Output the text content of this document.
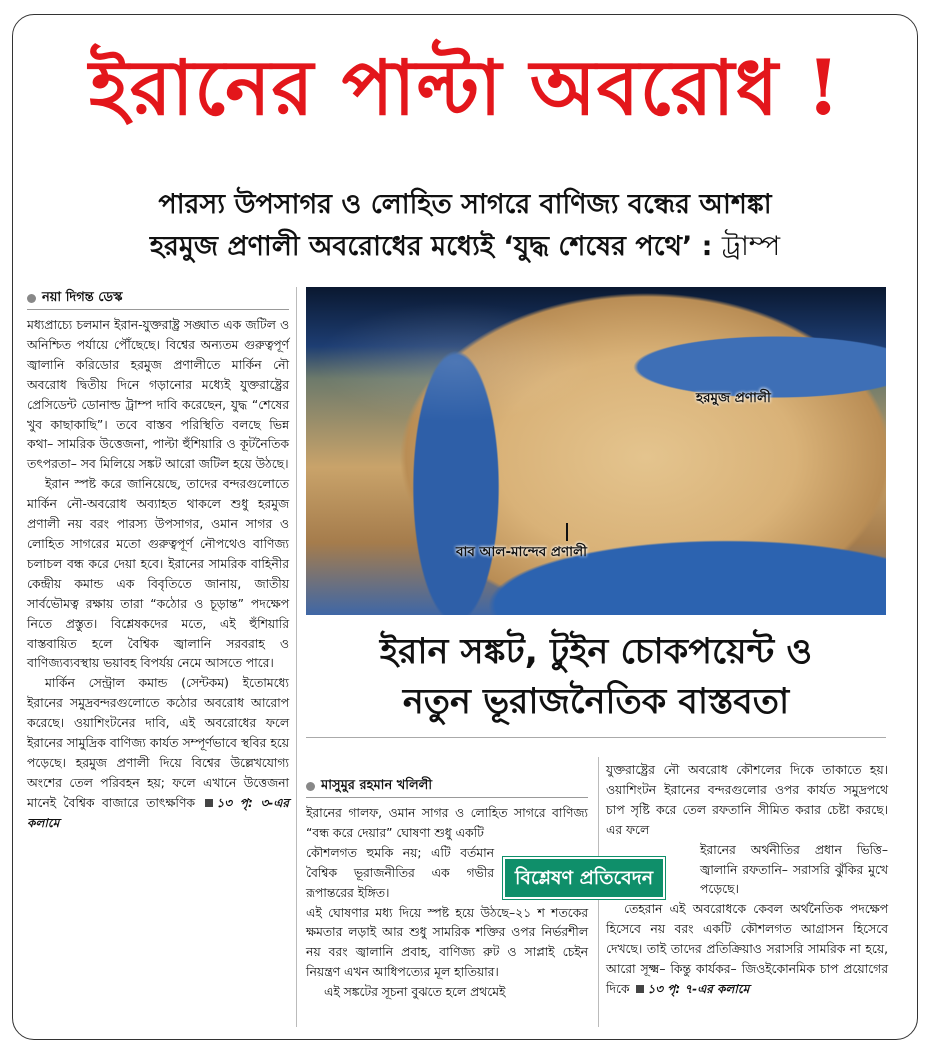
ইরানের পাল্টা অবরোধ !
পারস্য উপসাগর ও লোহিত সাগরে বাণিজ্য বন্ধের আশঙ্কা
হরমুজ প্রণালী অবরোধের মধ্যেই ‘যুদ্ধ শেষের পথে’ : ট্রাম্প
নয়া দিগন্ত ডেস্ক

মধ্যপ্রাচ্যে চলমান ইরান-যুক্তরাষ্ট্র সঙ্ঘাত এক জটিল ও অনিশ্চিত পর্যায়ে পৌঁছেছে। বিশ্বের অন্যতম গুরুত্বপূর্ণ জ্বালানি করিডোর হরমুজ প্রণালীতে মার্কিন নৌ অবরোধ দ্বিতীয় দিনে গড়ানোর মধ্যেই যুক্তরাষ্ট্রের প্রেসিডেন্ট ডোনাল্ড ট্রাম্প দাবি করেছেন, যুদ্ধ “শেষের খুব কাছাকাছি”। তবে বাস্তব পরিস্থিতি বলছে ভিন্ন কথা– সামরিক উত্তেজনা, পাল্টা হুঁশিয়ারি ও কূটনৈতিক তৎপরতা– সব মিলিয়ে সঙ্কট আরো জটিল হয়ে উঠছে।

ইরান স্পষ্ট করে জানিয়েছে, তাদের বন্দরগুলোতে মার্কিন নৌ-অবরোধ অব্যাহত থাকলে শুধু হরমুজ প্রণালী নয় বরং পারস্য উপসাগর, ওমান সাগর ও লোহিত সাগরের মতো গুরুত্বপূর্ণ নৌপথেও বাণিজ্য চলাচল বন্ধ করে দেয়া হবে। ইরানের সামরিক বাহিনীর কেন্দ্রীয় কমান্ড এক বিবৃতিতে জানায়, জাতীয় সার্বভৌমত্ব রক্ষায় তারা “কঠোর ও চূড়ান্ত” পদক্ষেপ নিতে প্রস্তুত। বিশ্লেষকদের মতে, এই হুঁশিয়ারি বাস্তবায়িত হলে বৈশ্বিক জ্বালানি সরবরাহ ও বাণিজ্যব্যবস্থায় ভয়াবহ বিপর্যয় নেমে আসতে পারে।

মার্কিন সেন্ট্রাল কমান্ড (সেন্টকম) ইতোমধ্যে ইরানের সমুদ্রবন্দরগুলোতে কঠোর অবরোধ আরোপ করেছে। ওয়াশিংটনের দাবি, এই অবরোধের ফলে ইরানের সামুদ্রিক বাণিজ্য কার্যত সম্পূর্ণভাবে স্থবির হয়ে পড়েছে। হরমুজ প্রণালী দিয়ে বিশ্বের উল্লেখযোগ্য অংশের তেল পরিবহন হয়; ফলে এখানে উত্তেজনা মানেই বৈশ্বিক বাজারে তাৎক্ষণিক ১৩ পৃ: ৩-এর কলামে

হরমুজ প্রণালী
বাব আল-মান্দেব প্রণালী
ইরান সঙ্কট, টুইন চোকপয়েন্ট ও
নতুন ভূরাজনৈতিক বাস্তবতা
মাসুমুর রহমান খলিলী

ইরানের গালফ, ওমান সাগর ও লোহিত সাগরে বাণিজ্য “বন্ধ করে দেয়ার” ঘোষণা শুধু একটি

কৌশলগত হুমকি নয়; এটি বর্তমান বৈশ্বিক ভূরাজনীতির এক গভীর রূপান্তরের ইঙ্গিত।

এই ঘোষণার মধ্য দিয়ে স্পষ্ট হয়ে উঠছে–২১ শ শতকের ক্ষমতার লড়াই আর শুধু সামরিক শক্তির ওপর নির্ভরশীল নয় বরং জ্বালানি প্রবাহ, বাণিজ্য রুট ও সাপ্লাই চেইন নিয়ন্ত্রণ এখন আধিপত্যের মূল হাতিয়ার।

এই সঙ্কটের সূচনা বুঝতে হলে প্রথমেই

যুক্তরাষ্ট্রের নৌ অবরোধ কৌশলের দিকে তাকাতে হয়। ওয়াশিংটন ইরানের বন্দরগুলোর ওপর কার্যত সমুদ্রপথে চাপ সৃষ্টি করে তেল রফতানি সীমিত করার চেষ্টা করছে। এর ফলে

ইরানের অর্থনীতির প্রধান ভিত্তি– জ্বালানি রফতানি– সরাসরি ঝুঁকির মুখে পড়েছে।

তেহরান এই অবরোধকে কেবল অর্থনৈতিক পদক্ষেপ হিসেবে নয় বরং একটি কৌশলগত আগ্রাসন হিসেবে দেখছে। তাই তাদের প্রতিক্রিয়াও সরাসরি সামরিক না হয়ে, আরো সূক্ষ্ম– কিন্তু কার্যকর– জিওইকোনমিক চাপ প্রয়োগের দিকে ১৩ পৃ: ৭-এর কলামে

বিশ্লেষণ প্রতিবেদন
